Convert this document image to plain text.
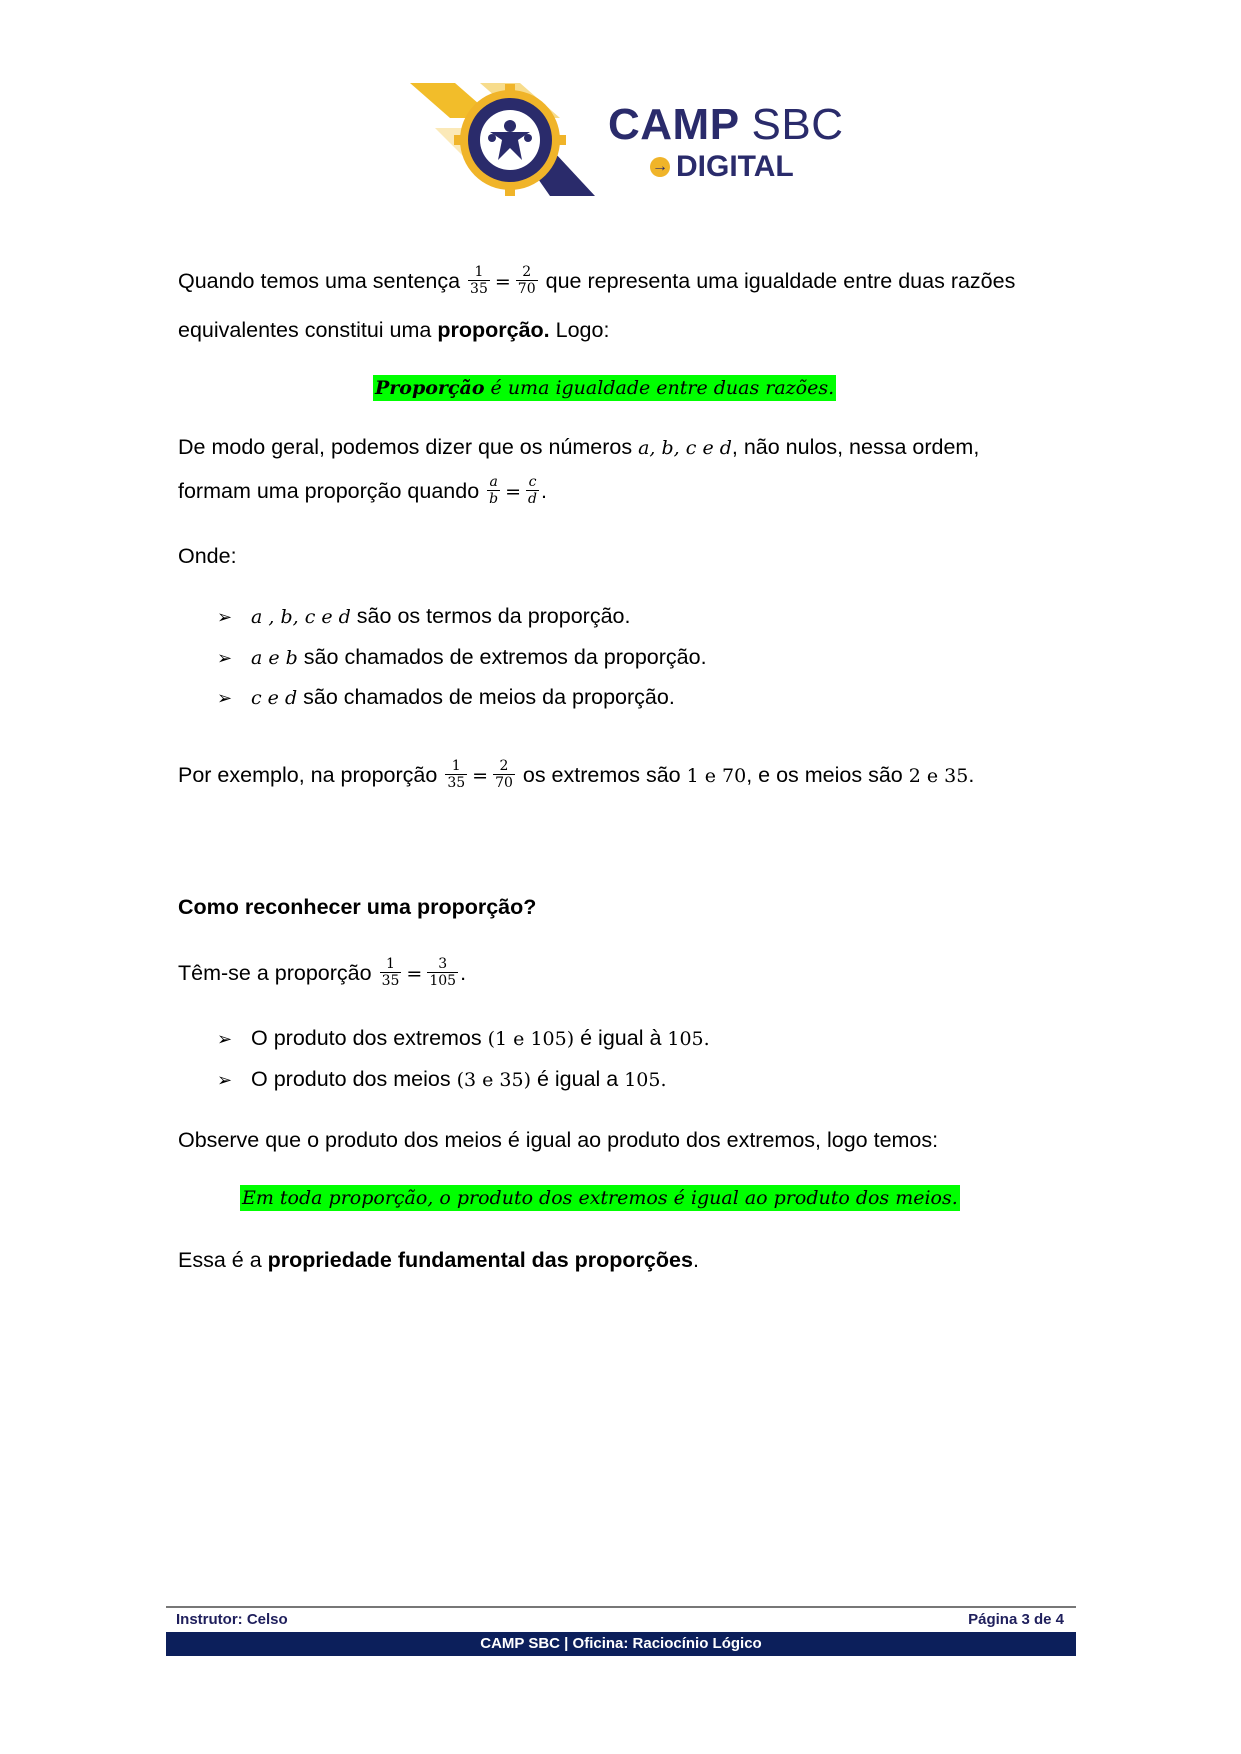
CAMP SBC
→ DIGITAL
Quando temos uma sentença $\frac{1}{35} = \frac{2}{70}$ que representa uma igualdade entre duas razões
equivalentes constitui uma proporção. Logo:
Proporção é uma igualdade entre duas razões.
De modo geral, podemos dizer que os números a, b, c e d, não nulos, nessa ordem,
formam uma proporção quando $\frac{a}{b} = \frac{c}{d}$ .
Onde:
➢ a , b, c e d são os termos da proporção.
➢ a e b são chamados de extremos da proporção.
➢ c e d são chamados de meios da proporção.
Por exemplo, na proporção $\frac{1}{35} = \frac{2}{70}$ os extremos são 1 e 70, e os meios são 2 e 35.
Como reconhecer uma proporção?
Têm-se a proporção $\frac{1}{35} = \frac{3}{105}$ .
➢ O produto dos extremos (1 e 105) é igual à 105.
➢ O produto dos meios (3 e 35) é igual a 105.
Observe que o produto dos meios é igual ao produto dos extremos, logo temos:
Em toda proporção, o produto dos extremos é igual ao produto dos meios.
Essa é a propriedade fundamental das proporções.
Instrutor: Celso	Página 3 de 4
CAMP SBC | Oficina: Raciocínio Lógico
